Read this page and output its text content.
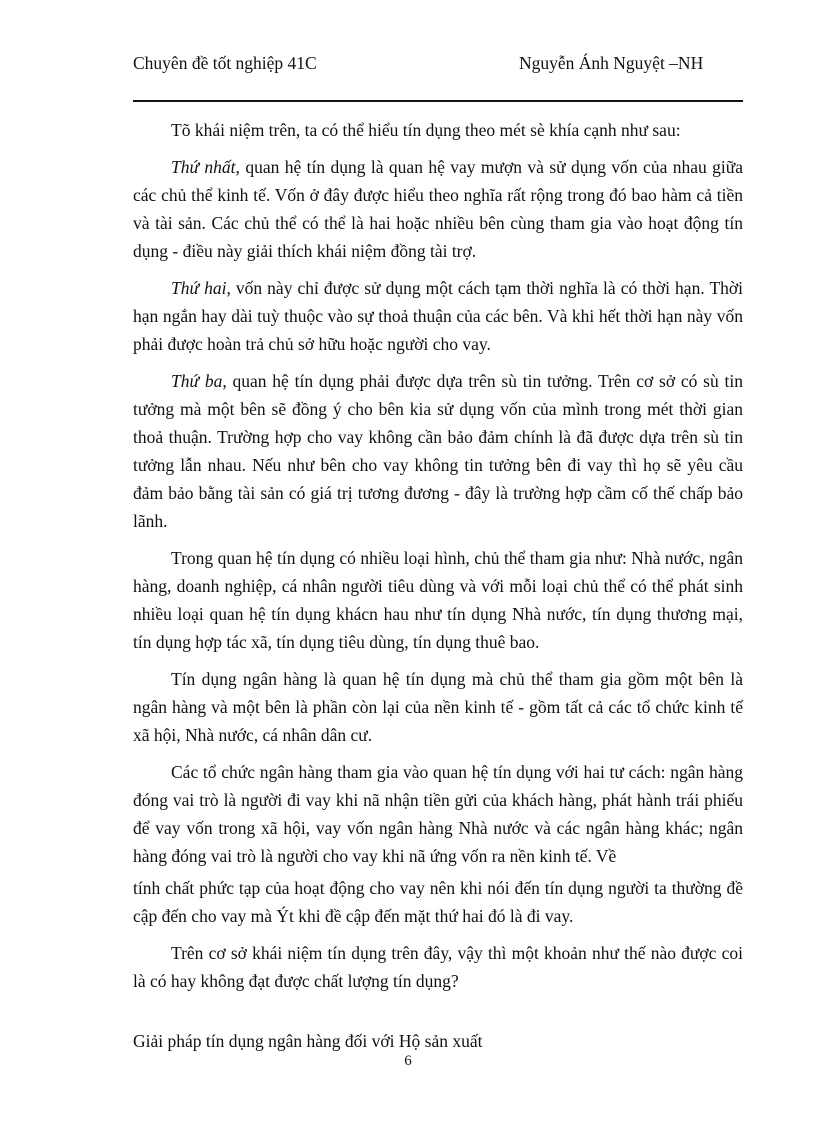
Chuyên đề tốt nghiệp 41C	Nguyễn Ánh Nguyệt –NH

Tõ khái niệm trên, ta có thể hiểu tín dụng theo mét sè khía cạnh như sau:

Thứ nhất, quan hệ tín dụng là quan hệ vay mượn và sử dụng vốn của nhau giữa các chủ thể kinh tế. Vốn ở đây được hiểu theo nghĩa rất rộng trong đó bao hàm cả tiền và tài sản. Các chủ thể có thể là hai hoặc nhiều bên cùng tham gia vào hoạt động tín dụng - điều này giải thích khái niệm đồng tài trợ.

Thứ hai, vốn này chỉ được sử dụng một cách tạm thời nghĩa là có thời hạn. Thời hạn ngắn hay dài tuỳ thuộc vào sự thoả thuận của các bên. Và khi hết thời hạn này vốn phải được hoàn trả chủ sở hữu hoặc người cho vay.

Thứ ba, quan hệ tín dụng phải được dựa trên sù tin tưởng. Trên cơ sở có sù tin tưởng mà một bên sẽ đồng ý cho bên kia sử dụng vốn của mình trong mét thời gian thoả thuận. Trường hợp cho vay không cần bảo đảm chính là đã được dựa trên sù tin tưởng lẫn nhau. Nếu như bên cho vay không tin tưởng bên đi vay thì họ sẽ yêu cầu đảm bảo bằng tài sản có giá trị tương đương - đây là trường hợp cầm cố thế chấp bảo lãnh.

Trong quan hệ tín dụng có nhiều loại hình, chủ thể tham gia như: Nhà nước, ngân hàng, doanh nghiệp, cá nhân người tiêu dùng và với mỗi loại chủ thể có thể phát sinh nhiều loại quan hệ tín dụng khácn hau như tín dụng Nhà nước, tín dụng thương mại, tín dụng hợp tác xã, tín dụng tiêu dùng, tín dụng thuê bao.

Tín dụng ngân hàng là quan hệ tín dụng mà chủ thể tham gia gồm một bên là ngân hàng và một bên là phần còn lại của nền kinh tế - gồm tất cả các tổ chức kinh tế xã hội, Nhà nước, cá nhân dân cư.

Các tổ chức ngân hàng tham gia vào quan hệ tín dụng với hai tư cách: ngân hàng đóng vai trò là người đi vay khi nã nhận tiền gửi của khách hàng, phát hành trái phiếu để vay vốn trong xã hội, vay vốn ngân hàng Nhà nước và các ngân hàng khác; ngân hàng đóng vai trò là người cho vay khi nã ứng vốn ra nền kinh tế. Về

tính chất phức tạp của hoạt động cho vay nên khi nói đến tín dụng người ta thường đề cập đến cho vay mà Ýt khi đề cập đến mặt thứ hai đó là đi vay.

Trên cơ sở khái niệm tín dụng trên đây, vậy thì một khoản như thế nào được coi là có hay không đạt được chất lượng tín dụng?

Giải pháp tín dụng ngân hàng đối với Hộ sản xuất
6
